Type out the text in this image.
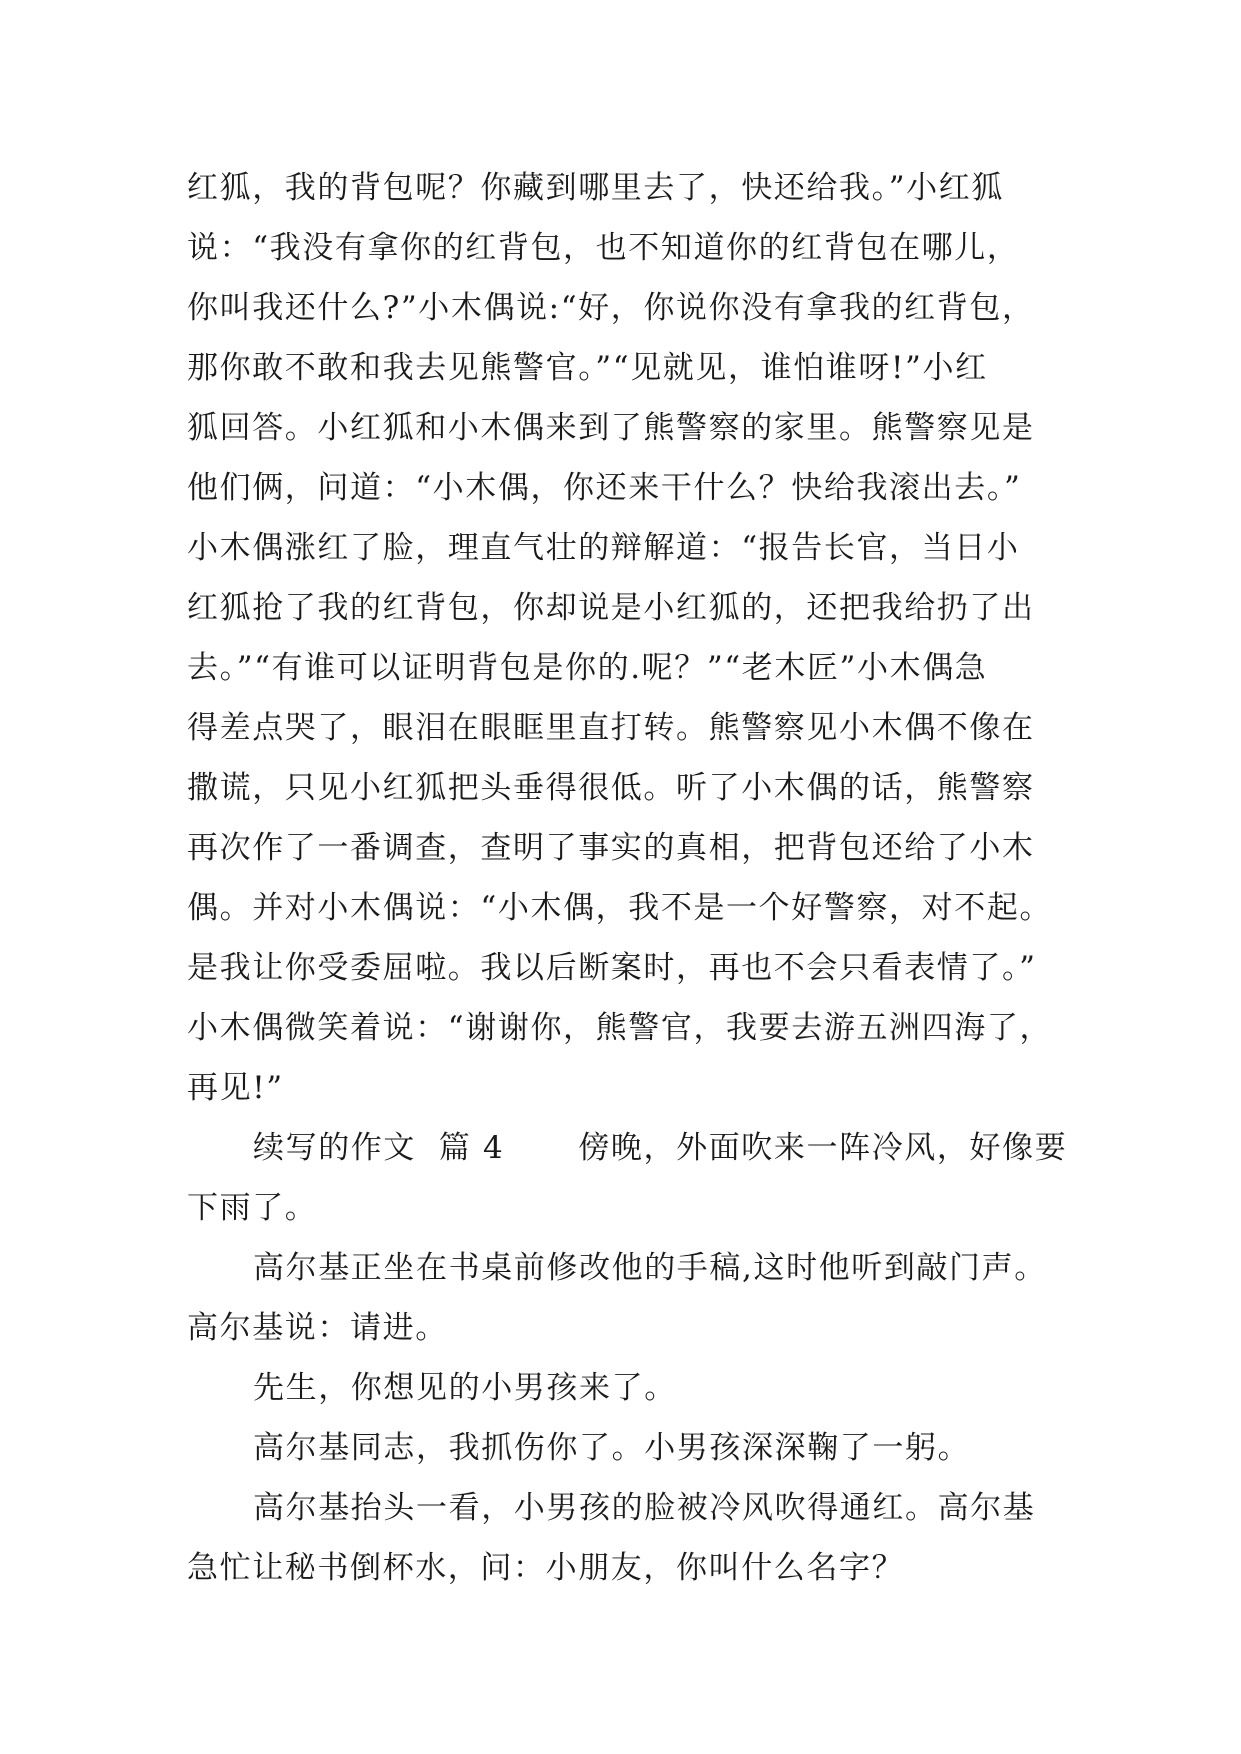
红狐，我的背包呢？你藏到哪里去了，快还给我。”小红狐
说：“我没有拿你的红背包，也不知道你的红背包在哪儿，
你叫我还什么?”小木偶说:“好，你说你没有拿我的红背包，
那你敢不敢和我去见熊警官。”“见就见，谁怕谁呀!”小红
狐回答。小红狐和小木偶来到了熊警察的家里。熊警察见是
他们俩，问道：“小木偶，你还来干什么？快给我滚出去。”
小木偶涨红了脸，理直气壮的辩解道：“报告长官，当日小
红狐抢了我的红背包，你却说是小红狐的，还把我给扔了出
去。”“有谁可以证明背包是你的.呢？”“老木匠”小木偶急
得差点哭了，眼泪在眼眶里直打转。熊警察见小木偶不像在
撒谎，只见小红狐把头垂得很低。听了小木偶的话，熊警察
再次作了一番调查，查明了事实的真相，把背包还给了小木
偶。并对小木偶说：“小木偶，我不是一个好警察，对不起。
是我让你受委屈啦。我以后断案时，再也不会只看表情了。”
小木偶微笑着说：“谢谢你，熊警官，我要去游五洲四海了，
再见!”
续写的作文  篇 4 傍晚，外面吹来一阵冷风，好像要
下雨了。
高尔基正坐在书桌前修改他的手稿,这时他听到敲门声。
高尔基说：请进。
先生，你想见的小男孩来了。
高尔基同志，我抓伤你了。小男孩深深鞠了一躬。
高尔基抬头一看，小男孩的脸被冷风吹得通红。高尔基
急忙让秘书倒杯水，问：小朋友，你叫什么名字？
